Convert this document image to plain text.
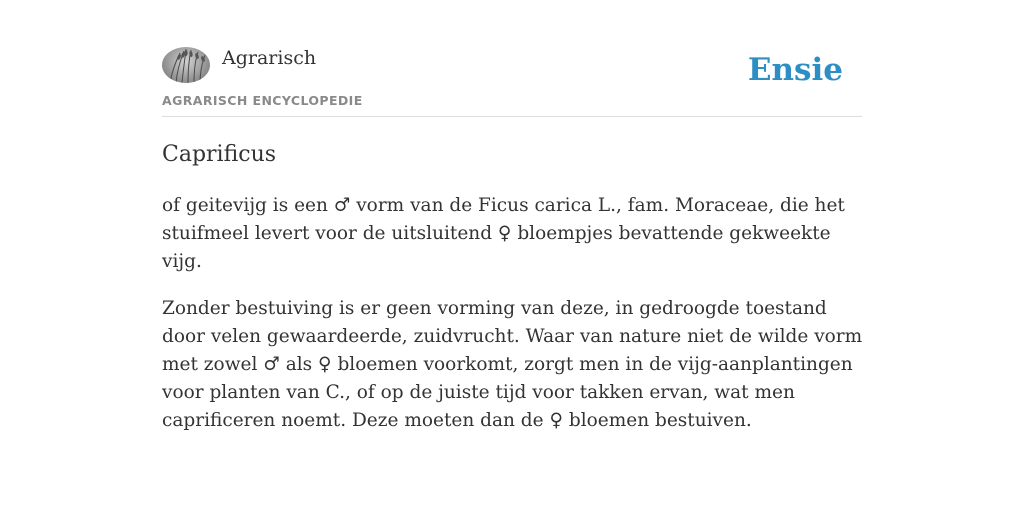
Agrarisch
AGRARISCH ENCYCLOPEDIE
Ensie
Caprificus

of geitevijg is een ♂ vorm van de Ficus carica L., fam. Moraceae, die het stuifmeel levert voor de uitsluitend ♀ bloempjes bevattende gekweekte vijg.

Zonder bestuiving is er geen vorming van deze, in gedroogde toestand door velen gewaardeerde, zuidvrucht. Waar van nature niet de wilde vorm met zowel ♂ als ♀ bloemen voorkomt, zorgt men in de vijg-aanplantingen voor planten van C., of op de juiste tijd voor takken ervan, wat men caprificeren noemt. Deze moeten dan de ♀ bloemen bestuiven.
